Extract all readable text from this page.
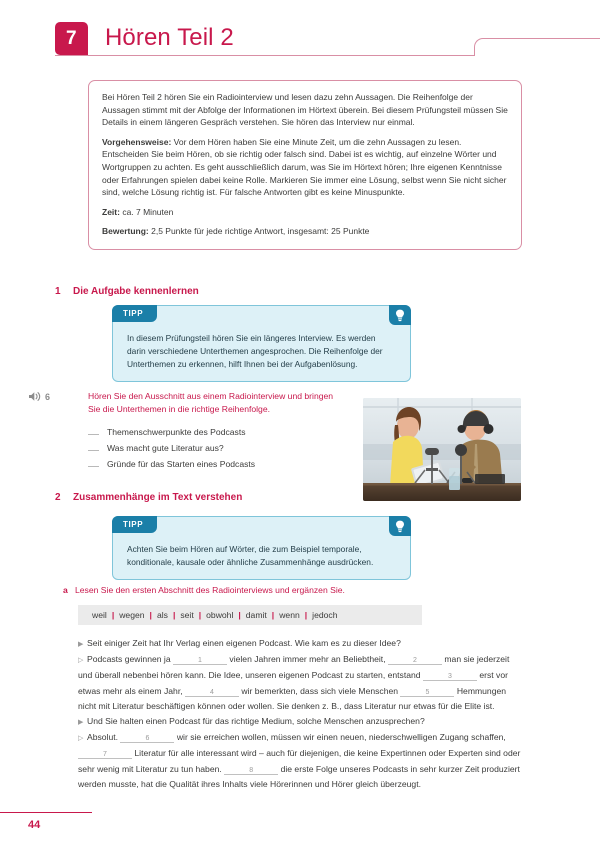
7	Hören Teil 2

Bei Hören Teil 2 hören Sie ein Radiointerview und lesen dazu zehn Aussagen. Die Reihenfolge der Aussagen stimmt mit der Abfolge der Informationen im Hörtext überein. Bei diesem Prüfungsteil müssen Sie Details in einem längeren Gespräch verstehen. Sie hören das Interview nur einmal.

Vorgehensweise: Vor dem Hören haben Sie eine Minute Zeit, um die zehn Aussagen zu lesen. Entscheiden Sie beim Hören, ob sie richtig oder falsch sind. Dabei ist es wichtig, auf einzelne Wörter und Wortgruppen zu achten. Es geht ausschließlich darum, was Sie im Hörtext hören; Ihre eigenen Kenntnisse oder Erfahrungen spielen dabei keine Rolle. Markieren Sie immer eine Lösung, selbst wenn Sie nicht sicher sind, welche Lösung richtig ist. Für falsche Antworten gibt es keine Minuspunkte.

Zeit: ca. 7 Minuten

Bewertung: 2,5 Punkte für jede richtige Antwort, insgesamt: 25 Punkte

1 Die Aufgabe kennenlernen
TIPP
In diesem Prüfungsteil hören Sie ein längeres Interview. Es werden darin verschiedene Unterthemen angesprochen. Die Reihenfolge der Unterthemen zu erkennen, hilft Ihnen bei der Aufgabenlösung.
6	Hören Sie den Ausschnitt aus einem Radiointerview und bringen Sie die Unterthemen in die richtige Reihenfolge.
Themenschwerpunkte des Podcasts
Was macht gute Literatur aus?
Gründe für das Starten eines Podcasts
2 Zusammenhänge im Text verstehen
TIPP
Achten Sie beim Hören auf Wörter, die zum Beispiel temporale, konditionale, kausale oder ähnliche Zusammenhänge ausdrücken.
a Lesen Sie den ersten Abschnitt des Radiointerviews und ergänzen Sie.
weil | wegen | als | seit | obwohl | damit | wenn | jedoch

▶ Seit einiger Zeit hat Ihr Verlag einen eigenen Podcast. Wie kam es zu dieser Idee?

▷ Podcasts gewinnen ja	1	vielen Jahren immer mehr an Beliebtheit,	2	man sie jederzeit und überall nebenbei hören kann. Die Idee, unseren eigenen Podcast zu starten, entstand	3	erst vor etwas mehr als einem Jahr,	4	wir bemerkten, dass sich viele Menschen	5	Hemmungen nicht mit Literatur beschäftigen können oder wollen. Sie denken z. B., dass Literatur nur etwas für die Elite ist.

▶ Und Sie halten einen Podcast für das richtige Medium, solche Menschen anzusprechen?

▷ Absolut.	6	wir sie erreichen wollen, müssen wir einen neuen, niederschwelligen Zugang schaffen, 7	Literatur für alle interessant wird – auch für diejenigen, die keine Expertinnen oder Experten sind oder sehr wenig mit Literatur zu tun haben.	8	die erste Folge unseres Podcasts in sehr kurzer Zeit produziert werden musste, hat die Qualität ihres Inhalts viele Hörerinnen und Hörer gleich überzeugt.

44
